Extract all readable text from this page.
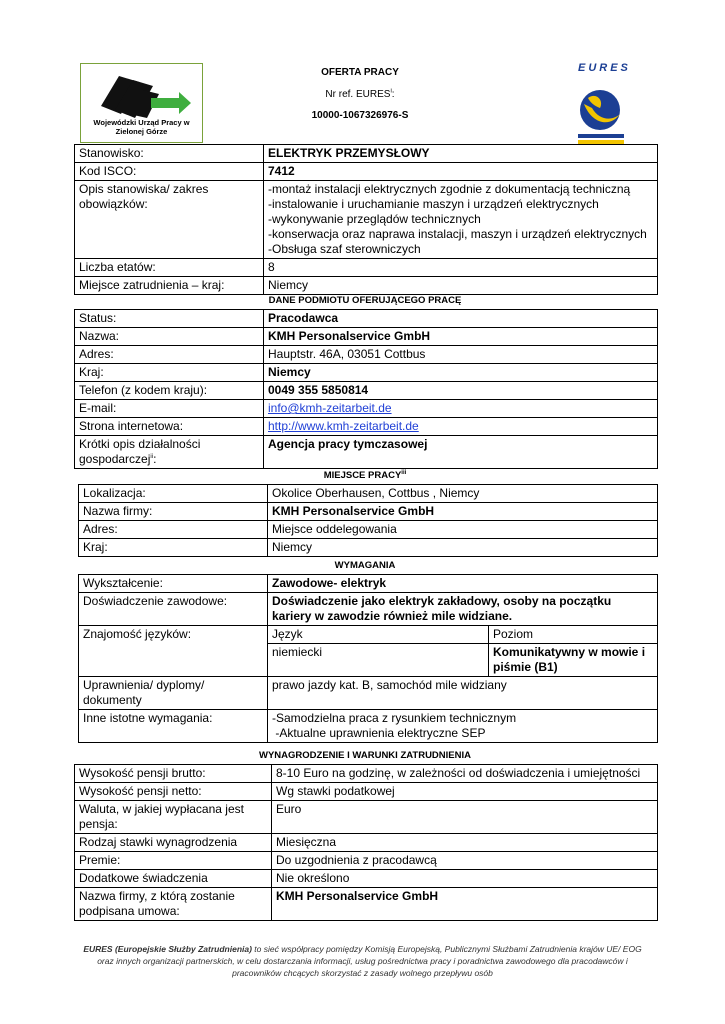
Wojewódzki Urząd Pracy w Zielonej Górze
EURES
OFERTA PRACY
Nr ref. EURES$^i$:
10000-1067326976-S
Stanowisko:	ELEKTRYK PRZEMYSŁOWY
Kod ISCO:	7412
Opis stanowiska/ zakres obowiązków:	-montaż instalacji elektrycznych zgodnie z dokumentacją techniczną
-instalowanie i uruchamianie maszyn i urządzeń elektrycznych
-wykonywanie przeglądów technicznych
-konserwacja oraz naprawa instalacji, maszyn i urządzeń elektrycznych
-Obsługa szaf sterowniczych

Liczba etatów:	8
Miejsce zatrudnienia – kraj:	Niemcy
DANE PODMIOTU OFERUJĄCEGO PRACĘ
Status:	Pracodawca
Nazwa:	KMH Personalservice GmbH
Adres:	Hauptstr. 46A, 03051 Cottbus
Kraj:	Niemcy
Telefon (z kodem kraju):	0049 355 5850814
E-mail:	info@kmh-zeitarbeit.de
Strona internetowa:	http://www.kmh-zeitarbeit.de
Krótki opis działalności gospodarczej$^{ii}$:	Agencja pracy tymczasowej
MIEJSCE PRACY$^{iii}$
Lokalizacja:	Okolice Oberhausen, Cottbus , Niemcy
Nazwa firmy:	KMH Personalservice GmbH
Adres:	Miejsce oddelegowania
Kraj:	Niemcy
WYMAGANIA
Wykształcenie:	Zawodowe- elektryk	
Doświadczenie zawodowe:	Doświadczenie jako elektryk zakładowy, osoby na początku kariery w zawodzie również mile widziane.	
Znajomość języków:	Język	Poziom
	niemiecki	Komunikatywny w mowie i piśmie (B1)
Uprawnienia/ dyplomy/ dokumenty	prawo jazdy kat. B, samochód mile widziany	
Inne istotne wymagania:	-Samodzielna praca z rysunkiem technicznym
-Aktualne uprawnienia elektryczne SEP	
WYNAGRODZENIE I WARUNKI ZATRUDNIENIA
Wysokość pensji brutto:	8-10 Euro na godzinę, w zależności od doświadczenia i umiejętności
Wysokość pensji netto:	Wg stawki podatkowej
Waluta, w jakiej wypłacana jest pensja:	Euro
Rodzaj stawki wynagrodzenia	Miesięczna
Premie:	Do uzgodnienia z pracodawcą
Dodatkowe świadczenia	Nie określono
Nazwa firmy, z którą zostanie podpisana umowa:	KMH Personalservice GmbH
EURES (Europejskie Służby Zatrudnienia) to sieć współpracy pomiędzy Komisją Europejską, Publicznymi Służbami Zatrudnienia krajów UE/ EOG
oraz innych organizacji partnerskich, w celu dostarczania informacji, usług pośrednictwa pracy i poradnictwa zawodowego dla pracodawców i
pracowników chcących skorzystać z zasady wolnego przepływu osób
